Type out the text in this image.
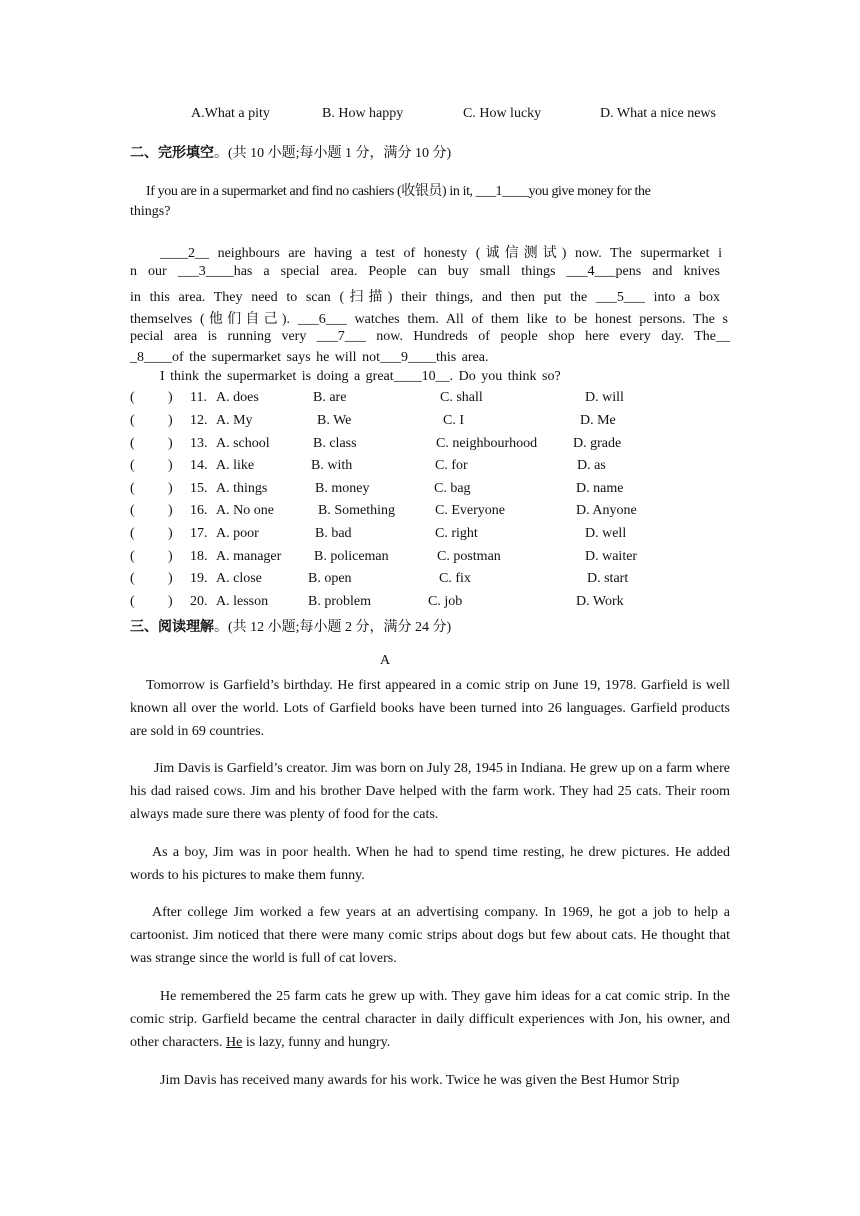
A.What a pity	B. How happy	C. How lucky	D. What a nice news
二、完形填空。(共 10 小题;每小题 1 分，满分 10 分)
If you are in a supermarket and find no cashiers (收银员) in it, ___1____you give money for the
things?
____2__ neighbours are having a test of honesty (诚信测试) now. The supermarket i
n our ___3____has a special area. People can buy small things ___4___pens and knives
in this area. They need to scan (扫描) their things, and then put the ___5___ into a box
themselves (他们自己). ___6___ watches them. All of them like to be honest persons. The s
pecial area is running very ___7___ now. Hundreds of people shop here every day. The__
_8____of the supermarket says he will not___9____this area.
I think the supermarket is doing a great____10__. Do you think so?
( ) 11. A. does	B. are	C. shall	D. will
( ) 12. A. My	B. We	C. I	D. Me
( ) 13. A. school	B. class	C. neighbourhood	D. grade
( ) 14. A. like	B. with	C. for	D. as
( ) 15. A. things	B. money	C. bag	D. name
( ) 16. A. No one	B. Something	C. Everyone	D. Anyone
( ) 17. A. poor	B. bad	C. right	D. well
( ) 18. A. manager B. policeman	C. postman	D. waiter
( ) 19. A. close	B. open	C. fix	D. start
( ) 20. A. lesson	B. problem	C. job	D. Work
三、阅读理解。(共 12 小题;每小题 2 分，满分 24 分)
A
Tomorrow is Garfield’s birthday. He first appeared in a comic strip on June 19, 1978. Garfield is well known all over the world. Lots of Garfield books have been turned into 26 languages. Garfield products are sold in 69 countries.
Jim Davis is Garfield’s creator. Jim was born on July 28, 1945 in Indiana. He grew up on a farm where his dad raised cows. Jim and his brother Dave helped with the farm work. They had 25 cats. Their room always made sure there was plenty of food for the cats.
As a boy, Jim was in poor health. When he had to spend time resting, he drew pictures. He added words to his pictures to make them funny.
After college Jim worked a few years at an advertising company. In 1969, he got a job to help a cartoonist. Jim noticed that there were many comic strips about dogs but few about cats. He thought that was strange since the world is full of cat lovers.
He remembered the 25 farm cats he grew up with. They gave him ideas for a cat comic strip. In the comic strip. Garfield became the central character in daily difficult experiences with Jon, his owner, and other characters. He is lazy, funny and hungry.
Jim Davis has received many awards for his work. Twice he was given the Best Humor Strip
